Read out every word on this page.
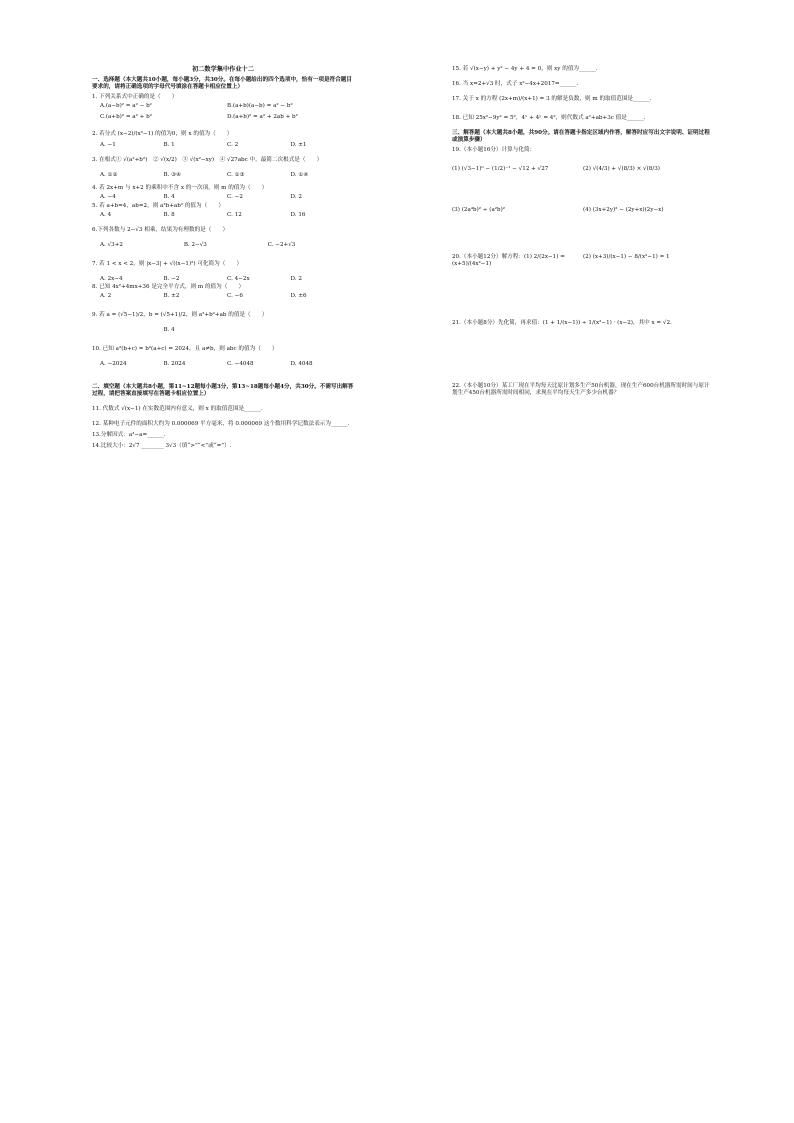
初二数学集中作业十二
一、选择题（本大题共10小题，每小题3分，共30分。在每小题给出的四个选项中，恰有一项是符合题目要求的，请将正确选项的字母代号填涂在答题卡相应位置上）
1. 下列关系式中正确的是（　　）
A.(a−b)² = a² − b²	B.(a+b)(a−b) = a² − b²
C.(a+b)² = a² + b²	D.(a+b)² = a² + 2ab + b²
2. 若分式 (x−2)/(x²−1) 的值为0，则 x 的值为（　　）
A. −1	B. 1	C. 2	D. ±1
3. 在根式① √(a²+b²)　② √(x/2)　③ √(x²−xy)　④ √27abc 中，最简二次根式是（　　）
A. ①②	B. ③④	C. ①③	D. ①④
4. 若 2x+m 与 x+2 的乘积中不含 x 的一次项，则 m 的值为（　　）
A. −4	B. 4	C. −2	D. 2
5. 若 a+b=4，ab=2，则 a²b+ab² 的值为（　　）
A. 4	B. 8	C. 12	D. 16
6.下列各数与 2−√3 相乘，结果为有理数的是（　　）
A. √3+2	B. 2−√3	C. −2+√3
7. 若 1 < x < 2，则 |x−3| + √((x−1)²) 可化简为（　　）
A. 2x−4	B. −2	C. 4−2x	D. 2
8. 已知 4x²+4mx+36 是完全平方式，则 m 的值为（　　）
A. 2	B. ±2	C. −6	D. ±6
9. 若 a = (√5−1)/2，b = (√5+1)/2，则 a²+b²+ab 的值是（　　）
B. 4
10. 已知 a²(b+c) = b²(a+c) = 2024，且 a≠b，则 abc 的值为（　　）
A. −2024	B. 2024	C. −4048	D. 4048
二、填空题（本大题共8小题，第11~12题每小题3分，第13~18题每小题4分，共30分。不需写出解答过程，请把答案直接填写在答题卡相应位置上）
11. 代数式 √(x−1) 在实数范围内有意义，则 x 的取值范围是______.
12. 某种电子元件的面积大约为 0.000069 平方毫米，将 0.000069 这个数用科学记数法表示为______.
13.分解因式：a³−a=______.
14.比较大小：2√7 ________ 3√3（填“>”“<”或“=”）.
15. 若 √(x−y) + y² − 4y + 4 = 0，则 xy 的值为______.
16. 当 x=2+√3 时，式子 x²−4x+2017=______.
17. 关于 x 的方程 (2x+m)/(x+1) = 3 的解是负数，则 m 的取值范围是______.
18. 已知 25x²−9y² = 5²，4ˣ + 4ʸ = 4²，则代数式 a²+ab+3c 值是______.
三、解答题（本大题共8小题，共90分。请在答题卡指定区域内作答，解答时应写出文字说明、证明过程或演算步骤）
19.（本小题16分）计算与化简：
(1) (√3−1)⁰ − (1/2)⁻¹ − √12 + √27	(2) √(4/3) + √(8/3) × √(8/3)
(3) (2a⁴b)² ÷ (a²b)²	(4) (3x+2y)² − (2y+x)(2y−x)
20.（本小题12分）解方程：(1) 2/(2x−1) = (x+5)/(4x²−1)
(2) (x+3)/(x−1) − 8/(x²−1) = 1
21.（本小题8分）先化简，再求值：(1 + 1/(x−1)) ÷ 1/(x²−1) · (x−2)，其中 x = √2.
22.（本小题10分）某工厂现在平均每天比原计划多生产50台机器，现在生产600台机器所需时间与原计划生产450台机器所需时间相同，求现在平均每天生产多少台机器？
